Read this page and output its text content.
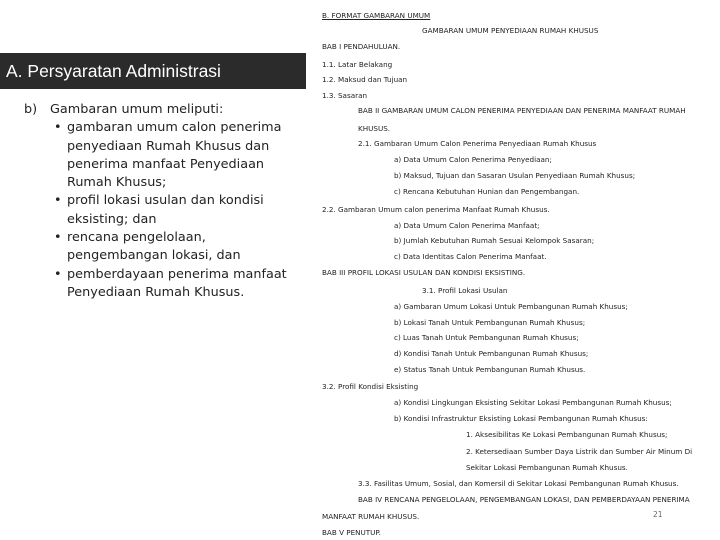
A. Persyaratan Administrasi
b)	Gambaran umum meliputi:
• gambaran umum calon penerima penyediaan Rumah Khusus dan penerima manfaat Penyediaan Rumah Khusus;
• profil lokasi usulan dan kondisi eksisting; dan
• rencana pengelolaan, pengembangan lokasi, dan
• pemberdayaan penerima manfaat Penyediaan Rumah Khusus.
B. FORMAT GAMBARAN UMUM
GAMBARAN UMUM PENYEDIAAN RUMAH KHUSUS
BAB I PENDAHULUAN.
1.1. Latar Belakang
1.2. Maksud dan Tujuan
1.3. Sasaran
BAB II GAMBARAN UMUM CALON PENERIMA PENYEDIAAN DAN PENERIMA MANFAAT RUMAH
KHUSUS.
2.1. Gambaran Umum Calon Penerima Penyediaan Rumah Khusus
a) Data Umum Calon Penerima Penyediaan;
b) Maksud, Tujuan dan Sasaran Usulan Penyediaan Rumah Khusus;
c) Rencana Kebutuhan Hunian dan Pengembangan.
2.2. Gambaran Umum calon penerima Manfaat Rumah Khusus.
a) Data Umum Calon Penerima Manfaat;
b) Jumlah Kebutuhan Rumah Sesuai Kelompok Sasaran;
c) Data Identitas Calon Penerima Manfaat.
BAB III PROFIL LOKASI USULAN DAN KONDISI EKSISTING.
3.1. Profil Lokasi Usulan
a) Gambaran Umum Lokasi Untuk Pembangunan Rumah Khusus;
b) Lokasi Tanah Untuk Pembangunan Rumah Khusus;
c) Luas Tanah Untuk Pembangunan Rumah Khusus;
d) Kondisi Tanah Untuk Pembangunan Rumah Khusus;
e) Status Tanah Untuk Pembangunan Rumah Khusus.
3.2. Profil Kondisi Eksisting
a) Kondisi Lingkungan Eksisting Sekitar Lokasi Pembangunan Rumah Khusus;
b) Kondisi Infrastruktur Eksisting Lokasi Pembangunan Rumah Khusus:
1. Aksesibilitas Ke Lokasi Pembangunan Rumah Khusus;
2. Ketersediaan Sumber Daya Listrik dan Sumber Air Minum Di
Sekitar Lokasi Pembangunan Rumah Khusus.
3.3. Fasilitas Umum, Sosial, dan Komersil di Sekitar Lokasi Pembangunan Rumah Khusus.
BAB IV RENCANA PENGELOLAAN, PENGEMBANGAN LOKASI, DAN PEMBERDAYAAN PENERIMA
MANFAAT RUMAH KHUSUS.
BAB V PENUTUP.
21
